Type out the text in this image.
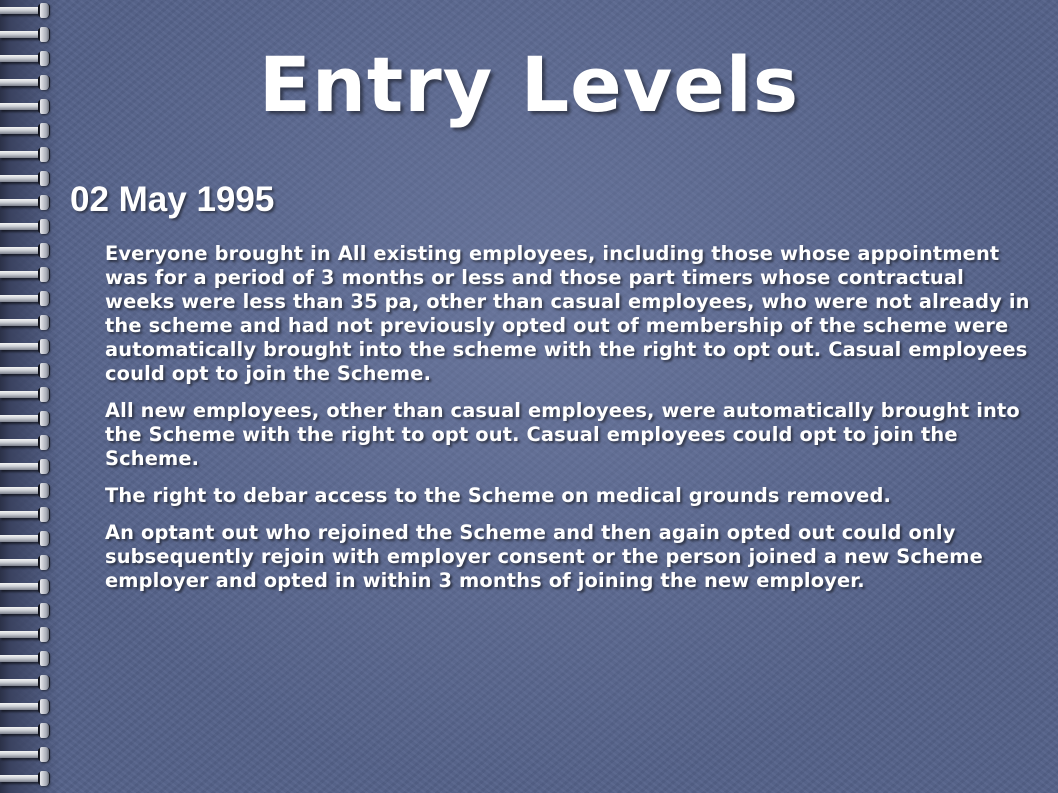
Entry Levels
02 May 1995

Everyone brought in All existing employees, including those whose appointment was for a period of 3 months or less and those part timers whose contractual weeks were less than 35 pa, other than casual employees, who were not already in the scheme and had not previously opted out of membership of the scheme were automatically brought into the scheme with the right to opt out. Casual employees could opt to join the Scheme.

All new employees, other than casual employees, were automatically brought into the Scheme with the right to opt out. Casual employees could opt to join the Scheme.

The right to debar access to the Scheme on medical grounds removed.

An optant out who rejoined the Scheme and then again opted out could only subsequently rejoin with employer consent or the person joined a new Scheme employer and opted in within 3 months of joining the new employer.
